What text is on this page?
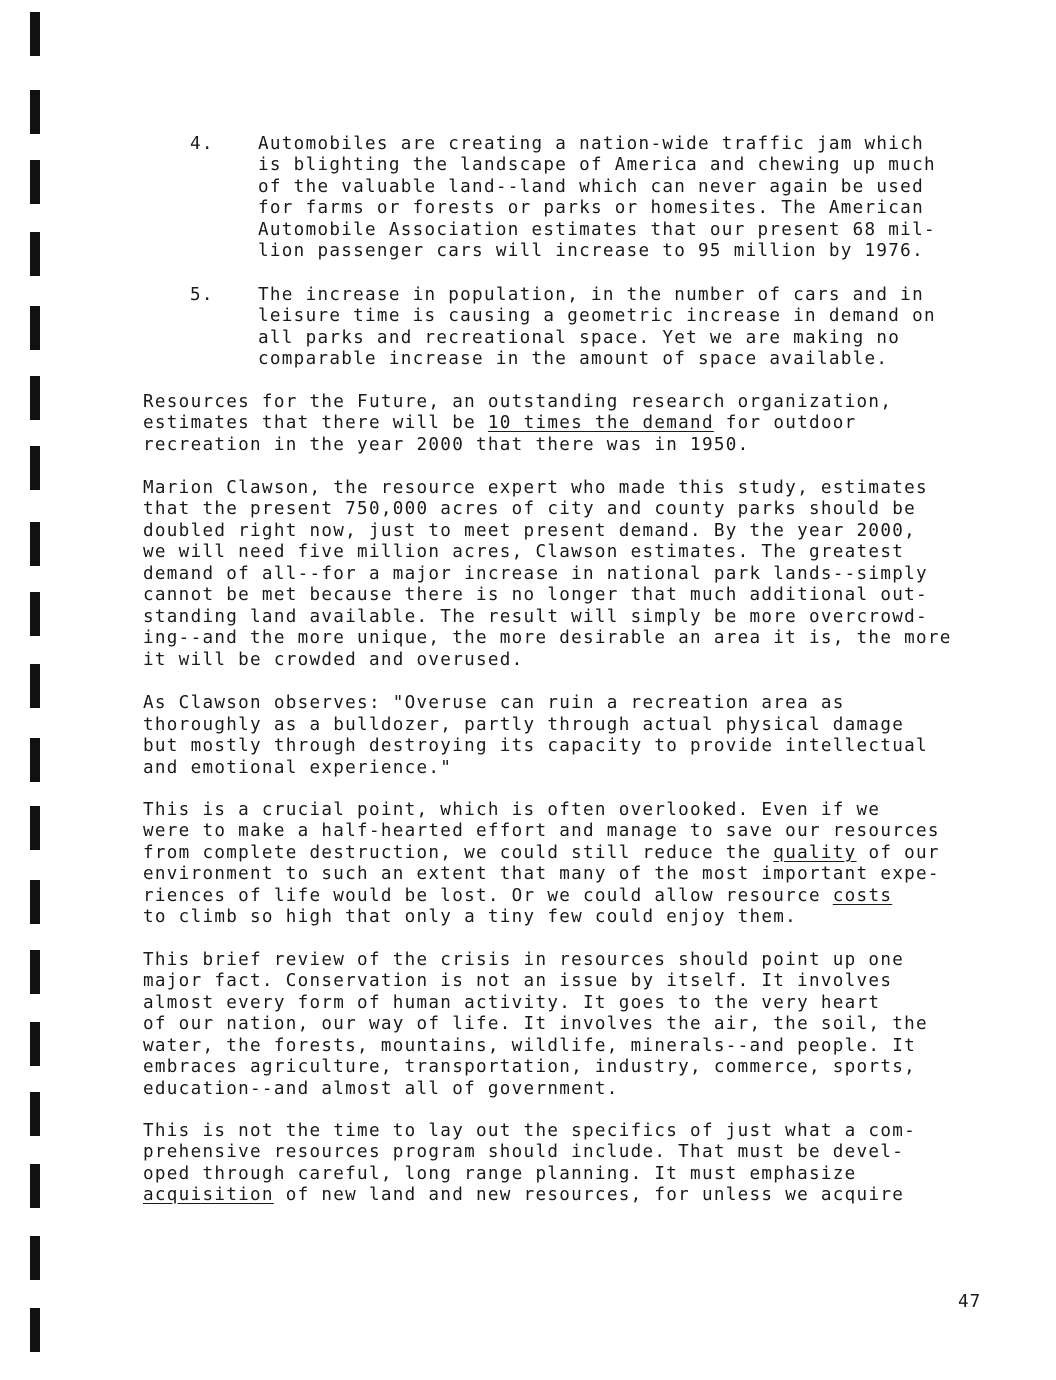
4.	Automobiles are creating a nation-wide traffic jam which

is blighting the landscape of America and chewing up much

of the valuable land--land which can never again be used

for farms or forests or parks or homesites. The American

Automobile Association estimates that our present 68 mil-

lion passenger cars will increase to 95 million by 1976.

5.	The increase in population, in the number of cars and in

leisure time is causing a geometric increase in demand on

all parks and recreational space. Yet we are making no

comparable increase in the amount of space available.

Resources for the Future, an outstanding research organization,

estimates that there will be 10 times the demand for outdoor

recreation in the year 2000 that there was in 1950.

Marion Clawson, the resource expert who made this study, estimates

that the present 750,000 acres of city and county parks should be

doubled right now, just to meet present demand. By the year 2000,

we will need five million acres, Clawson estimates. The greatest

demand of all--for a major increase in national park lands--simply

cannot be met because there is no longer that much additional out-

standing land available. The result will simply be more overcrowd-

ing--and the more unique, the more desirable an area it is, the more

it will be crowded and overused.

As Clawson observes: "Overuse can ruin a recreation area as

thoroughly as a bulldozer, partly through actual physical damage

but mostly through destroying its capacity to provide intellectual

and emotional experience."

This is a crucial point, which is often overlooked. Even if we

were to make a half-hearted effort and manage to save our resources

from complete destruction, we could still reduce the quality of our

environment to such an extent that many of the most important expe-

riences of life would be lost. Or we could allow resource costs

to climb so high that only a tiny few could enjoy them.

This brief review of the crisis in resources should point up one

major fact. Conservation is not an issue by itself. It involves

almost every form of human activity. It goes to the very heart

of our nation, our way of life. It involves the air, the soil, the

water, the forests, mountains, wildlife, minerals--and people. It

embraces agriculture, transportation, industry, commerce, sports,

education--and almost all of government.

This is not the time to lay out the specifics of just what a com-

prehensive resources program should include. That must be devel-

oped through careful, long range planning. It must emphasize

acquisition of new land and new resources, for unless we acquire

47
